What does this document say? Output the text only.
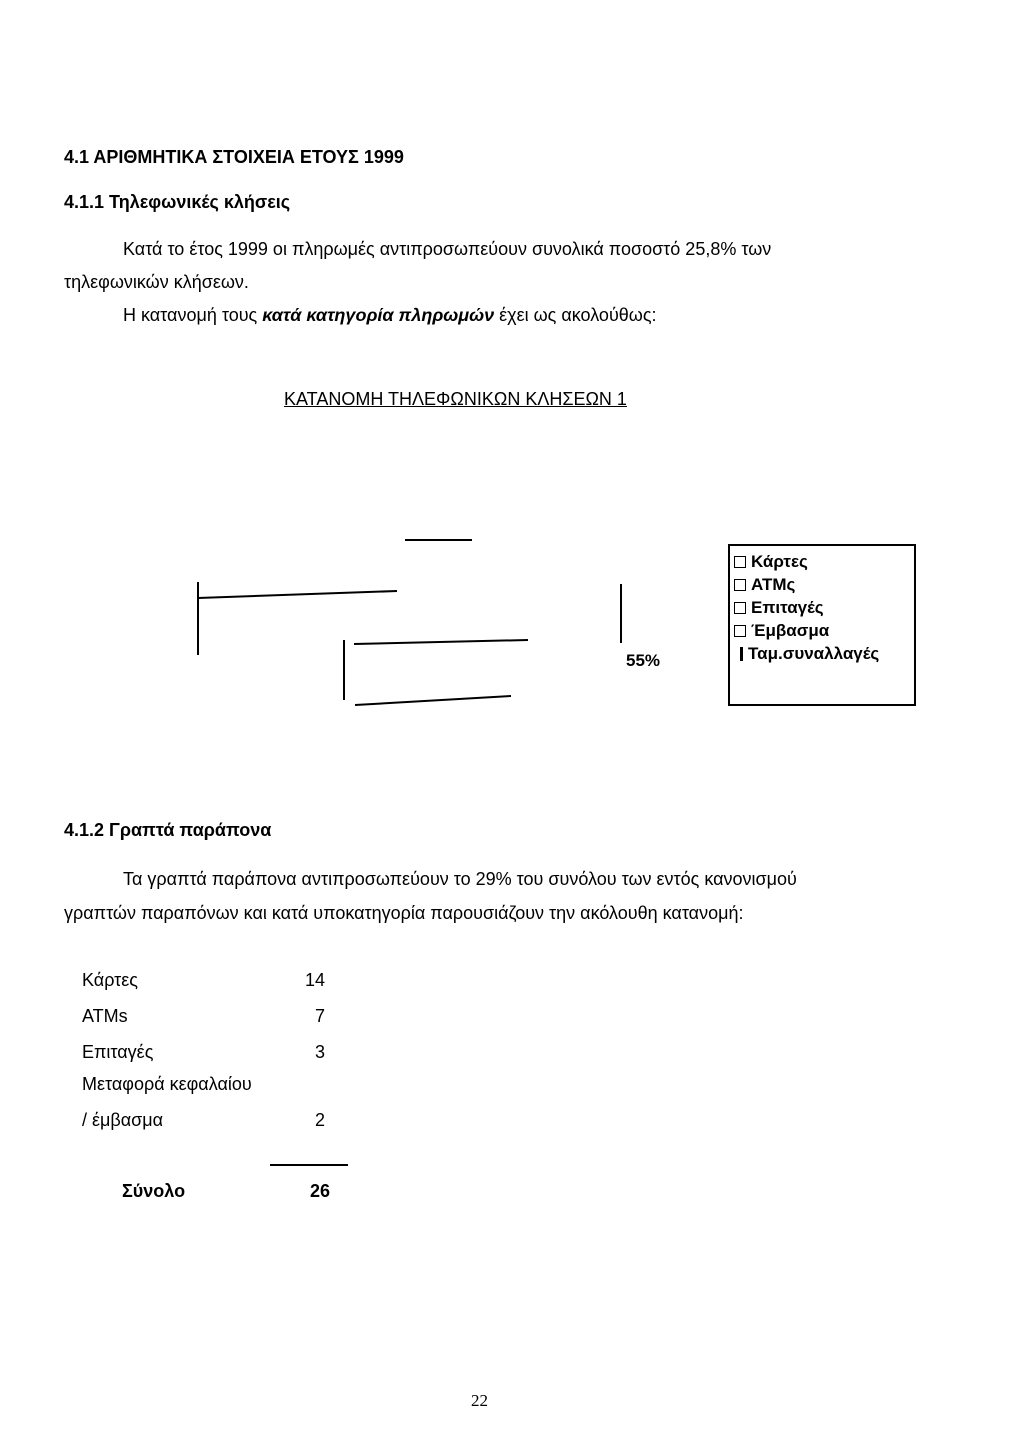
4.1 ΑΡΙΘΜΗΤΙΚΑ ΣΤΟΙΧΕΙΑ ΕΤΟΥΣ 1999
4.1.1 Τηλεφωνικές κλήσεις
Κατά το έτος 1999 οι πληρωμές αντιπροσωπεύουν συνολικά ποσοστό 25,8% των
τηλεφωνικών κλήσεων.
Η κατανομή τους κατά κατηγορία πληρωμών έχει ως ακολούθως:
ΚΑΤΑΝΟΜΗ ΤΗΛΕΦΩΝΙΚΩΝ ΚΛΗΣΕΩΝ 1
55%
Κάρτες
ATMς
Επιταγές
Έμβασμα
Ταμ.συναλλαγές
4.1.2 Γραπτά παράπονα
Τα γραπτά παράπονα αντιπροσωπεύουν το 29% του συνόλου των εντός κανονισμού
γραπτών παραπόνων και κατά υποκατηγορία παρουσιάζουν την ακόλουθη κατανομή:
Κάρτες	14
ATMs	7
Επιταγές	3
Μεταφορά κεφαλαίου
/ έμβασμα	2
Σύνολο	26
22
